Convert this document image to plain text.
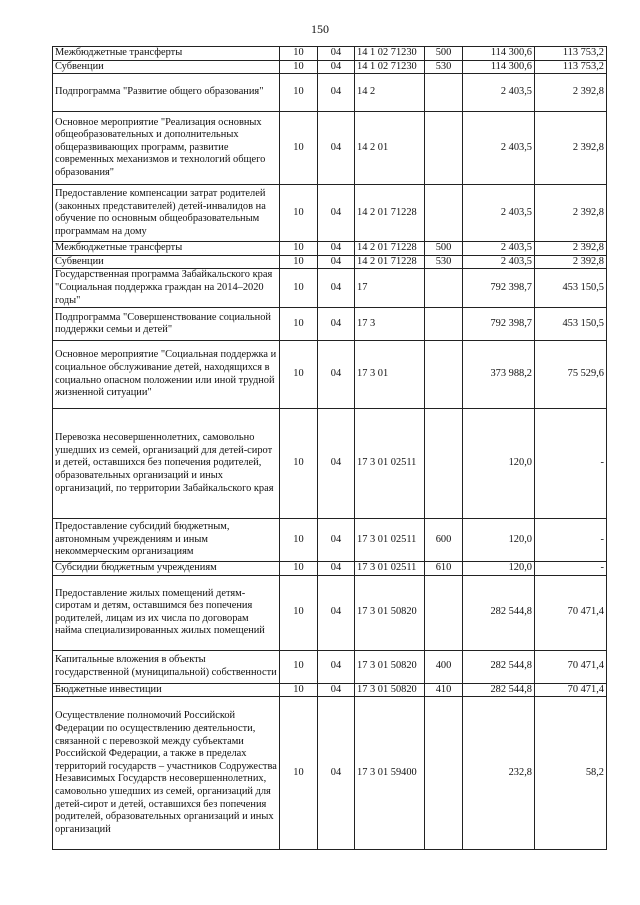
150
Межбюджетные трансферты	10	04	14 1 02 71230	500	114 300,6	113 753,2
Субвенции	10	04	14 1 02 71230	530	114 300,6	113 753,2
Подпрограмма "Развитие общего образования"	10	04	14 2		2 403,5	2 392,8
Основное мероприятие "Реализация основных общеобразовательных и дополнительных общеразвивающих программ, развитие современных механизмов и технологий общего образования"	10	04	14 2 01		2 403,5	2 392,8
Предоставление компенсации затрат родителей (законных представителей) детей-инвалидов на обучение по основным общеобразовательным программам на дому	10	04	14 2 01 71228		2 403,5	2 392,8
Межбюджетные трансферты	10	04	14 2 01 71228	500	2 403,5	2 392,8
Субвенции	10	04	14 2 01 71228	530	2 403,5	2 392,8
Государственная программа Забайкальского края "Социальная поддержка граждан на 2014–2020 годы"	10	04	17		792 398,7	453 150,5
Подпрограмма "Совершенствование социальной поддержки семьи и детей"	10	04	17 3		792 398,7	453 150,5
Основное мероприятие "Социальная поддержка и социальное обслуживание детей, находящихся в социально опасном положении или иной трудной жизненной ситуации"	10	04	17 3 01		373 988,2	75 529,6
Перевозка несовершеннолетних, самовольно ушедших из семей, организаций для детей-сирот и детей, оставшихся без попечения родителей, образовательных организаций и иных организаций, по территории Забайкальского края	10	04	17 3 01 02511		120,0	-
Предоставление субсидий бюджетным, автономным учреждениям и иным некоммерческим организациям	10	04	17 3 01 02511	600	120,0	-
Субсидии бюджетным учреждениям	10	04	17 3 01 02511	610	120,0	-
Предоставление жилых помещений детям-сиротам и детям, оставшимся без попечения родителей, лицам из их числа по договорам найма специализированных жилых помещений	10	04	17 3 01 50820		282 544,8	70 471,4
Капитальные вложения в объекты государственной (муниципальной) собственности	10	04	17 3 01 50820	400	282 544,8	70 471,4
Бюджетные инвестиции	10	04	17 3 01 50820	410	282 544,8	70 471,4
Осуществление полномочий Российской Федерации по осуществлению деятельности, связанной с перевозкой между субъектами Российской Федерации, а также в пределах территорий государств – участников Содружества Независимых Государств несовершеннолетних, самовольно ушедших из семей, организаций для детей-сирот и детей, оставшихся без попечения родителей, образовательных организаций и иных организаций	10	04	17 3 01 59400		232,8	58,2
